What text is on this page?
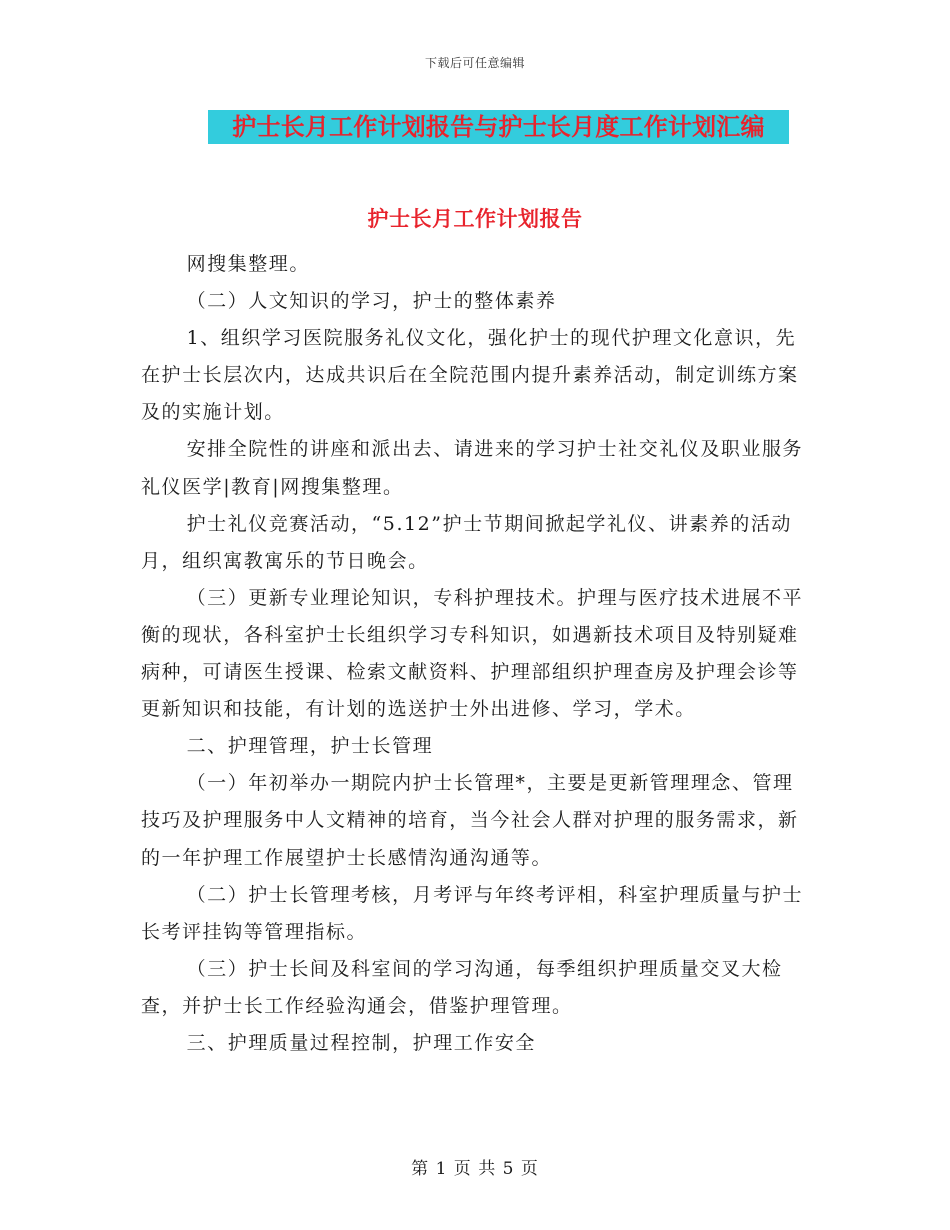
下载后可任意编辑
护士长月工作计划报告与护士长月度工作计划汇编
护士长月工作计划报告

网搜集整理。

（二）人文知识的学习，护士的整体素养

1、组织学习医院服务礼仪文化，强化护士的现代护理文化意识，先在护士长层次内，达成共识后在全院范围内提升素养活动，制定训练方案及的实施计划。

安排全院性的讲座和派出去、请进来的学习护士社交礼仪及职业服务礼仪医学|教育|网搜集整理。

护士礼仪竞赛活动，“5.12”护士节期间掀起学礼仪、讲素养的活动月，组织寓教寓乐的节日晚会。

（三）更新专业理论知识，专科护理技术。护理与医疗技术进展不平衡的现状，各科室护士长组织学习专科知识，如遇新技术项目及特别疑难病种，可请医生授课、检索文献资料、护理部组织护理查房及护理会诊等更新知识和技能，有计划的选送护士外出进修、学习，学术。

二、护理管理，护士长管理

（一）年初举办一期院内护士长管理*，主要是更新管理理念、管理技巧及护理服务中人文精神的培育，当今社会人群对护理的服务需求，新的一年护理工作展望护士长感情沟通沟通等。

（二）护士长管理考核，月考评与年终考评相，科室护理质量与护士长考评挂钩等管理指标。

（三）护士长间及科室间的学习沟通，每季组织护理质量交叉大检查，并护士长工作经验沟通会，借鉴护理管理。

三、护理质量过程控制，护理工作安全

第 1 页 共 5 页
